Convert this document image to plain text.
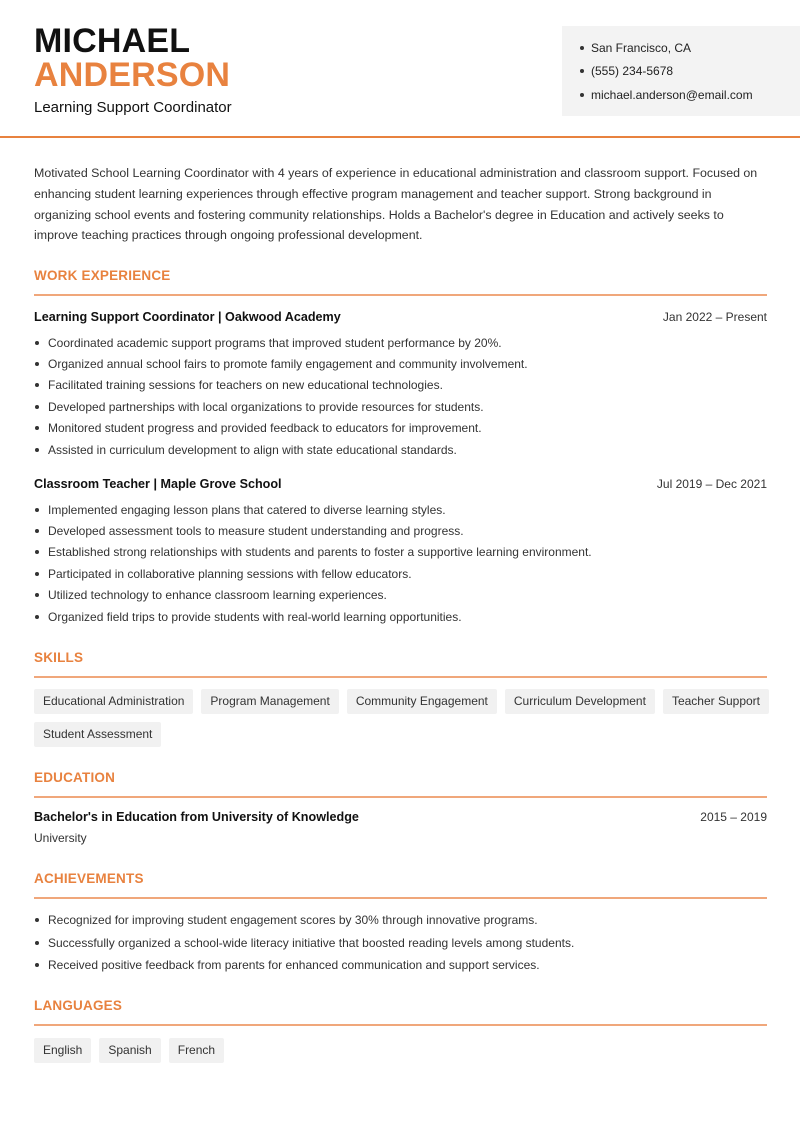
MICHAEL
ANDERSON
Learning Support Coordinator
San Francisco, CA
(555) 234-5678
michael.anderson@email.com

Motivated School Learning Coordinator with 4 years of experience in educational administration and classroom support. Focused on enhancing student learning experiences through effective program management and teacher support. Strong background in organizing school events and fostering community relationships. Holds a Bachelor's degree in Education and actively seeks to improve teaching practices through ongoing professional development.

WORK EXPERIENCE
Learning Support Coordinator | Oakwood Academy	Jan 2022 – Present
Coordinated academic support programs that improved student performance by 20%.
Organized annual school fairs to promote family engagement and community involvement.
Facilitated training sessions for teachers on new educational technologies.
Developed partnerships with local organizations to provide resources for students.
Monitored student progress and provided feedback to educators for improvement.
Assisted in curriculum development to align with state educational standards.
Classroom Teacher | Maple Grove School	Jul 2019 – Dec 2021
Implemented engaging lesson plans that catered to diverse learning styles.
Developed assessment tools to measure student understanding and progress.
Established strong relationships with students and parents to foster a supportive learning environment.
Participated in collaborative planning sessions with fellow educators.
Utilized technology to enhance classroom learning experiences.
Organized field trips to provide students with real-world learning opportunities.
SKILLS
Educational Administration	Program Management	Community Engagement	Curriculum Development	Teacher Support
Student Assessment
EDUCATION
Bachelor's in Education from University of Knowledge	2015 – 2019
University
ACHIEVEMENTS
Recognized for improving student engagement scores by 30% through innovative programs.
Successfully organized a school-wide literacy initiative that boosted reading levels among students.
Received positive feedback from parents for enhanced communication and support services.
LANGUAGES
English	Spanish	French
